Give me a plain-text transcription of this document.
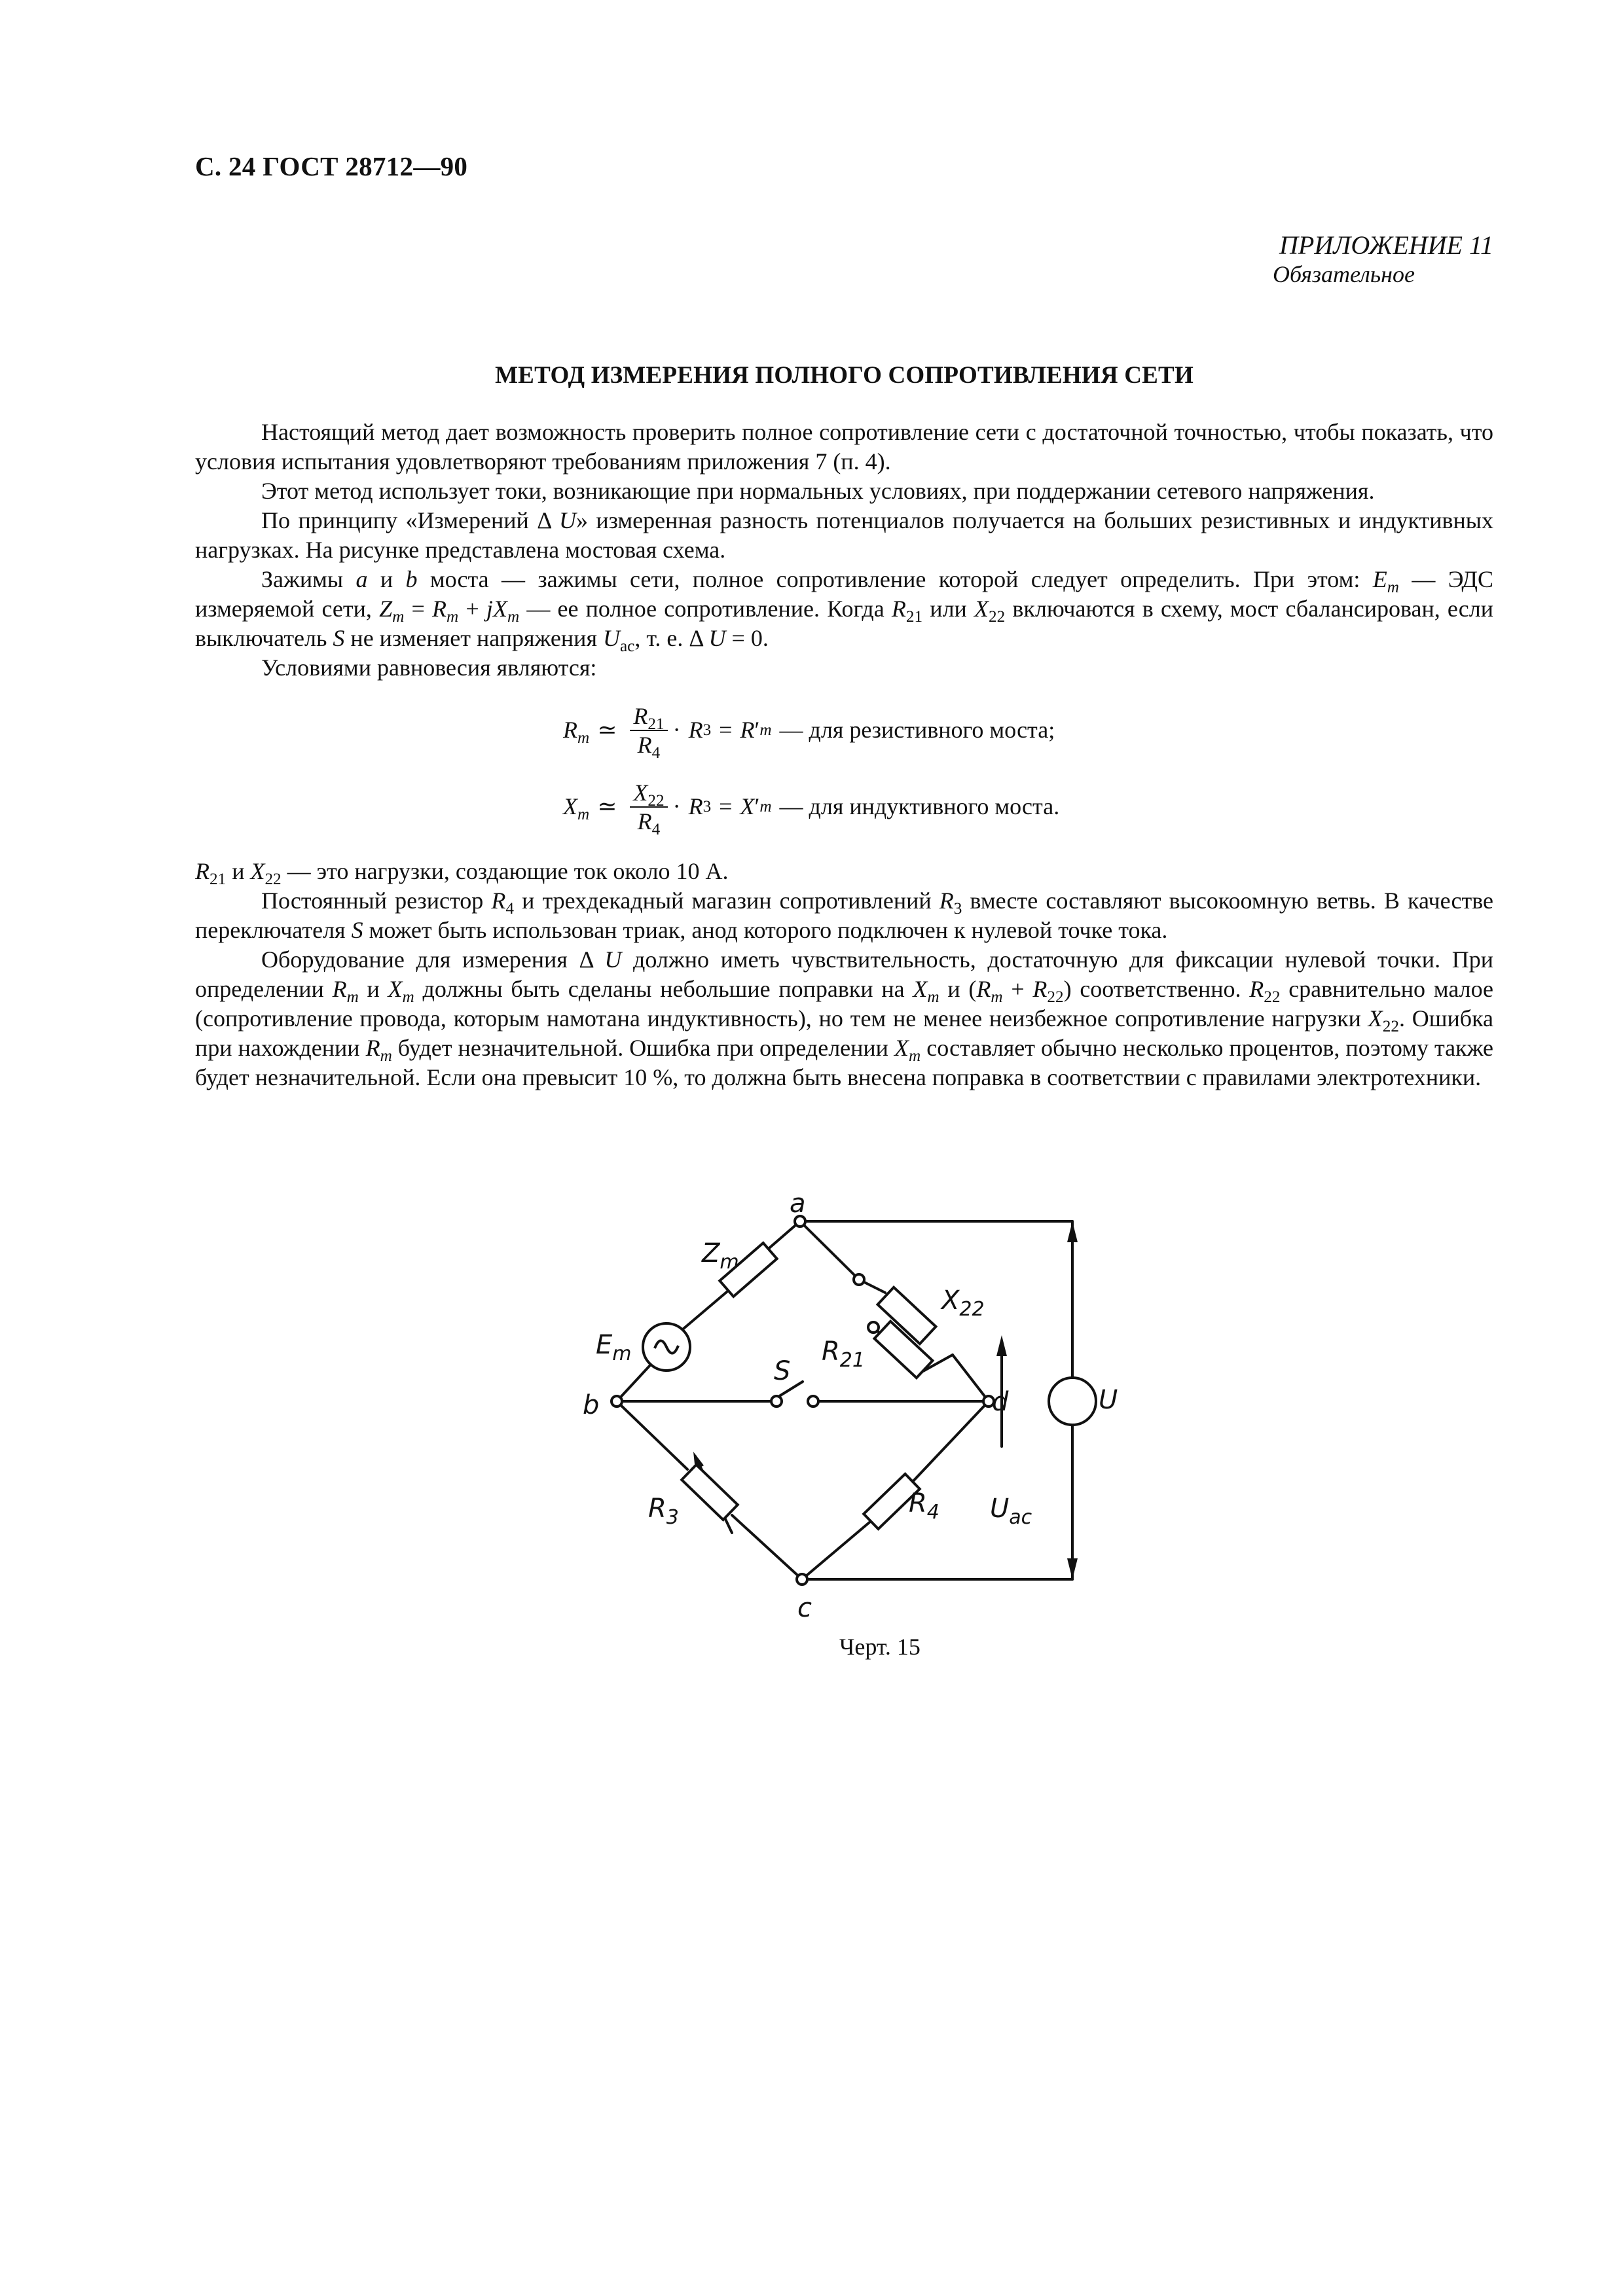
С. 24 ГОСТ 28712—90
ПРИЛОЖЕНИЕ 11
Обязательное
МЕТОД ИЗМЕРЕНИЯ ПОЛНОГО СОПРОТИВЛЕНИЯ СЕТИ

Настоящий метод дает возможность проверить полное сопротивление сети с достаточной точностью, чтобы показать, что условия испытания удовлетворяют требованиям приложения 7 (п. 4).

Этот метод использует токи, возникающие при нормальных условиях, при поддержании сетевого напряжения.

По принципу «Измерений Δ U» измеренная разность потенциалов получается на больших резистивных и индуктивных нагрузках. На рисунке представлена мостовая схема.

Зажимы a и b моста — зажимы сети, полное сопротивление которой следует определить. При этом: $E_m$ — ЭДС измеряемой сети, $Z_m = R_m + jX_m$ — ее полное сопротивление. Когда $R_{21}$ или $X_{22}$ включаются в схему, мост сбалансирован, если выключатель S не изменяет напряжения $U_{ac}$, т. е. Δ U = 0.

Условиями равновесия являются:

$R_m$ ≃ $\frac{R_{21}}{R_4} \cdot R$ 3 = R ′ m — для резистивного моста;
$X_m$ ≃ $\frac{X_{22}}{R_4} \cdot R$ 3 = X ′ m — для индуктивного моста.

$R_{21}$ и $X_{22}$ — это нагрузки, создающие ток около 10 А.

Постоянный резистор $R_4$ и трехдекадный магазин сопротивлений $R_3$ вместе составляют высокоомную ветвь. В качестве переключателя S может быть использован триак, анод которого подключен к нулевой точке тока.

Оборудование для измерения Δ U должно иметь чувствительность, достаточную для фиксации нулевой точки. При определении $R_m$ и $X_m$ должны быть сделаны небольшие поправки на $X_m$ и $(R_m + R_{22})$ соответственно. $R_{22}$ сравнительно малое (сопротивление провода, которым намотана индуктивность), но тем не менее неизбежное сопротивление нагрузки $X_{22}$. Ошибка при нахождении $R_m$ будет незначительной. Ошибка при определении $X_m$ составляет обычно несколько процентов, поэтому также будет незначительной. Если она превысит 10 %, то должна быть внесена поправка в соответствии с правилами электротехники.

a
b
c
d
$Z_m$
$E_m$
$X_{22}$
$R_{21}$
S
$R_3$	$R_4$
U
$U_{ac}$
Черт. 15
